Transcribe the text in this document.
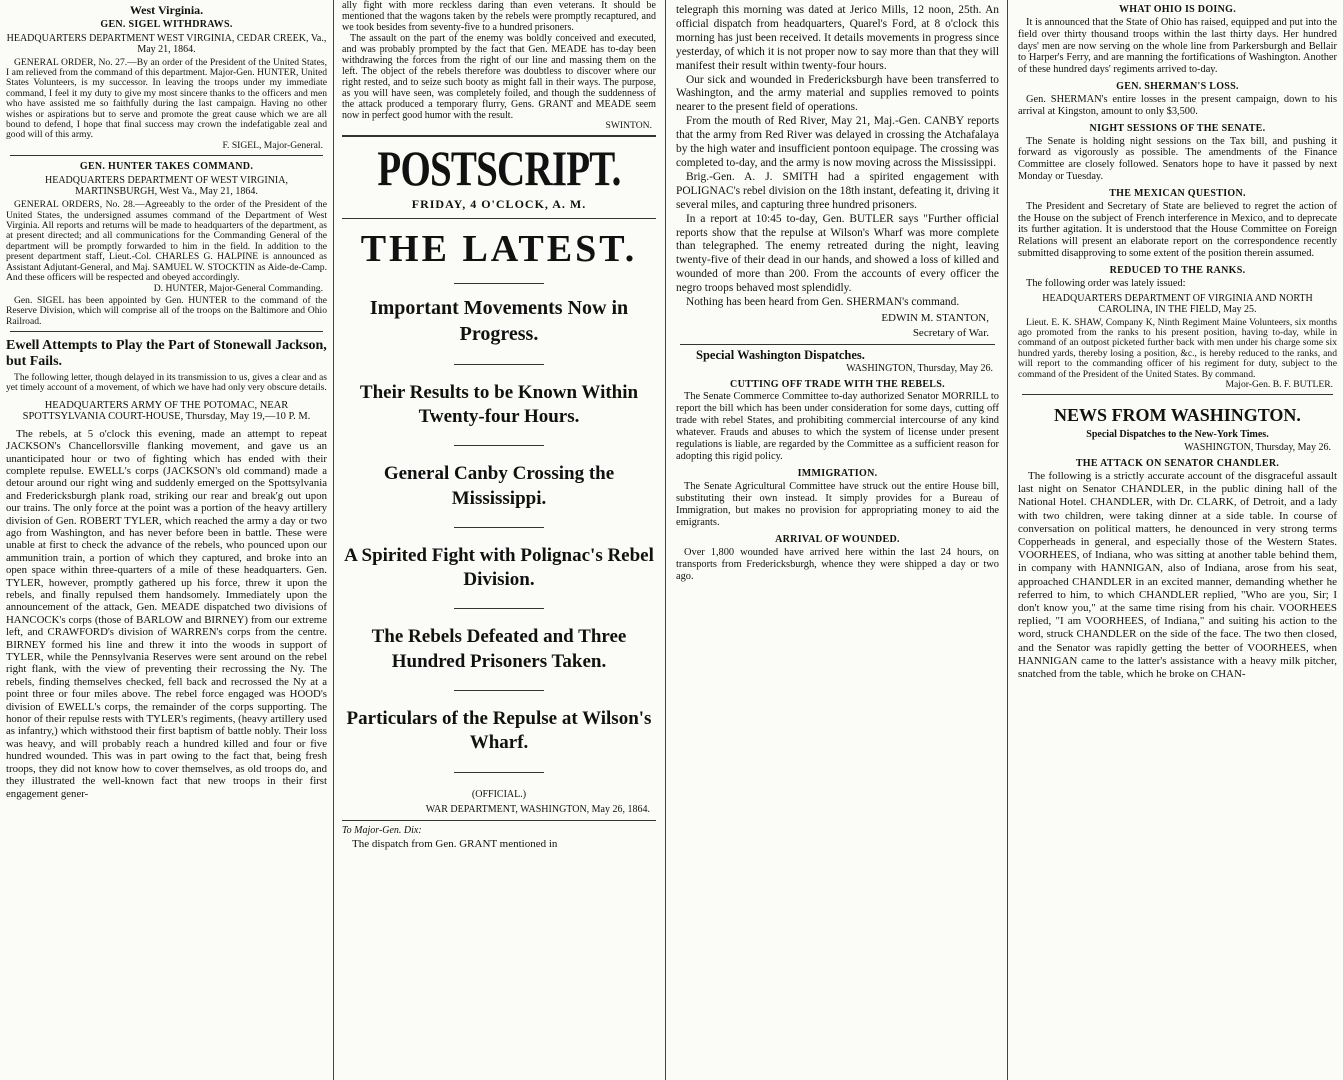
West Virginia.
GEN. SIGEL WITHDRAWS.
HEADQUARTERS DEPARTMENT WEST VIRGINIA, CEDAR CREEK, Va., May 21, 1864.

GENERAL ORDER, No. 27.—By an order of the President of the United States, I am relieved from the command of this department. Major-Gen. HUNTER, United States Volunteers, is my successor. In leaving the troops under my immediate command, I feel it my duty to give my most sincere thanks to the officers and men who have assisted me so faithfully during the last campaign. Having no other wishes or aspirations but to serve and promote the great cause which we are all bound to defend, I hope that final success may crown the indefatigable zeal and good will of this army.

F. SIGEL, Major-General.
GEN. HUNTER TAKES COMMAND.
HEADQUARTERS DEPARTMENT OF WEST VIRGINIA, MARTINSBURGH, West Va., May 21, 1864.

GENERAL ORDERS, No. 28.—Agreeably to the order of the President of the United States, the undersigned assumes command of the Department of West Virginia. All reports and returns will be made to headquarters of the department, as at present directed; and all communications for the Commanding General of the department will be promptly forwarded to him in the field. In addition to the present department staff, Lieut.-Col. CHARLES G. HALPINE is announced as Assistant Adjutant-General, and Maj. SAMUEL W. STOCKTIN as Aide-de-Camp. And these officers will be respected and obeyed accordingly.

D. HUNTER, Major-General Commanding.

Gen. SIGEL has been appointed by Gen. HUNTER to the command of the Reserve Division, which will comprise all of the troops on the Baltimore and Ohio Railroad.

Ewell Attempts to Play the Part of Stonewall Jackson, but Fails.

The following letter, though delayed in its transmission to us, gives a clear and as yet timely account of a movement, of which we have had only very obscure details.

HEADQUARTERS ARMY OF THE POTOMAC, NEAR SPOTTSYLVANIA COURT-HOUSE, Thursday, May 19,—10 P. M.

The rebels, at 5 o'clock this evening, made an attempt to repeat JACKSON's Chancellorsville flanking movement, and gave us an unanticipated hour or two of fighting which has ended with their complete repulse. EWELL's corps (JACKSON's old command) made a detour around our right wing and suddenly emerged on the Spottsylvania and Fredericksburgh plank road, striking our rear and break'g out upon our trains. The only force at the point was a portion of the heavy artillery division of Gen. ROBERT TYLER, which reached the army a day or two ago from Washington, and has never before been in battle. These were unable at first to check the advance of the rebels, who pounced upon our ammunition train, a portion of which they captured, and broke into an open space within three-quarters of a mile of these headquarters. Gen. TYLER, however, promptly gathered up his force, threw it upon the rebels, and finally repulsed them handsomely. Immediately upon the announcement of the attack, Gen. MEADE dispatched two divisions of HANCOCK's corps (those of BARLOW and BIRNEY) from our extreme left, and CRAWFORD's division of WARREN's corps from the centre. BIRNEY formed his line and threw it into the woods in support of TYLER, while the Pennsylvania Reserves were sent around on the rebel right flank, with the view of preventing their recrossing the Ny. The rebels, finding themselves checked, fell back and recrossed the Ny at a point three or four miles above. The rebel force engaged was HOOD's division of EWELL's corps, the remainder of the corps supporting. The honor of their repulse rests with TYLER's regiments, (heavy artillery used as infantry,) which withstood their first baptism of battle nobly. Their loss was heavy, and will probably reach a hundred killed and four or five hundred wounded. This was in part owing to the fact that, being fresh troops, they did not know how to cover themselves, as old troops do, and they illustrated the well-known fact that new troops in their first engagement gener-

ally fight with more reckless daring than even veterans. It should be mentioned that the wagons taken by the rebels were promptly recaptured, and we took besides from seventy-five to a hundred prisoners.

The assault on the part of the enemy was boldly conceived and executed, and was probably prompted by the fact that Gen. MEADE has to-day been withdrawing the forces from the right of our line and massing them on the left. The object of the rebels therefore was doubtless to discover where our right rested, and to seize such booty as might fall in their ways. The purpose, as you will have seen, was completely foiled, and though the suddenness of the attack produced a temporary flurry, Gens. GRANT and MEADE seem now in perfect good humor with the result.

SWINTON.
POSTSCRIPT.
FRIDAY, 4 O'CLOCK, A. M.
THE LATEST.
Important Movements Now in Progress.
Their Results to be Known Within Twenty-four Hours.
General Canby Crossing the Mississippi.
A Spirited Fight with Polignac's Rebel Division.
The Rebels Defeated and Three Hundred Prisoners Taken.
Particulars of the Repulse at Wilson's Wharf.
(OFFICIAL.)
WAR DEPARTMENT, WASHINGTON, May 26, 1864.
To Major-Gen. Dix:

The dispatch from Gen. GRANT mentioned in

telegraph this morning was dated at Jerico Mills, 12 noon, 25th. An official dispatch from headquarters, Quarel's Ford, at 8 o'clock this morning has just been received. It details movements in progress since yesterday, of which it is not proper now to say more than that they will manifest their result within twenty-four hours.

Our sick and wounded in Fredericksburgh have been transferred to Washington, and the army material and supplies removed to points nearer to the present field of operations.

From the mouth of Red River, May 21, Maj.-Gen. CANBY reports that the army from Red River was delayed in crossing the Atchafalaya by the high water and insufficient pontoon equipage. The crossing was completed to-day, and the army is now moving across the Mississippi.

Brig.-Gen. A. J. SMITH had a spirited engagement with POLIGNAC's rebel division on the 18th instant, defeating it, driving it several miles, and capturing three hundred prisoners.

In a report at 10:45 to-day, Gen. BUTLER says "Further official reports show that the repulse at Wilson's Wharf was more complete than telegraphed. The enemy retreated during the night, leaving twenty-five of their dead in our hands, and showed a loss of killed and wounded of more than 200. From the accounts of every officer the negro troops behaved most splendidly.

Nothing has been heard from Gen. SHERMAN's command.

EDWIN M. STANTON,
Secretary of War.
Special Washington Dispatches.
WASHINGTON, Thursday, May 26.
CUTTING OFF TRADE WITH THE REBELS.

The Senate Commerce Committee to-day authorized Senator MORRILL to report the bill which has been under consideration for some days, cutting off trade with rebel States, and prohibiting commercial intercourse of any kind whatever. Frauds and abuses to which the system of license under present regulations is liable, are regarded by the Committee as a sufficient reason for adopting this rigid policy.

IMMIGRATION.

The Senate Agricultural Committee have struck out the entire House bill, substituting their own instead. It simply provides for a Bureau of Immigration, but makes no provision for appropriating money to aid the emigrants.

ARRIVAL OF WOUNDED.

Over 1,800 wounded have arrived here within the last 24 hours, on transports from Fredericksburgh, whence they were shipped a day or two ago.

WHAT OHIO IS DOING.

It is announced that the State of Ohio has raised, equipped and put into the field over thirty thousand troops within the last thirty days. Her hundred days' men are now serving on the whole line from Parkersburgh and Bellair to Harper's Ferry, and are manning the fortifications of Washington. Another of these hundred days' regiments arrived to-day.

GEN. SHERMAN'S LOSS.

Gen. SHERMAN's entire losses in the present campaign, down to his arrival at Kingston, amount to only $3,500.

NIGHT SESSIONS OF THE SENATE.

The Senate is holding night sessions on the Tax bill, and pushing it forward as vigorously as possible. The amendments of the Finance Committee are closely followed. Senators hope to have it passed by next Monday or Tuesday.

THE MEXICAN QUESTION.

The President and Secretary of State are believed to regret the action of the House on the subject of French interference in Mexico, and to deprecate its further agitation. It is understood that the House Committee on Foreign Relations will present an elaborate report on the correspondence recently submitted disapproving to some extent of the position therein assumed.

REDUCED TO THE RANKS.

The following order was lately issued:

HEADQUARTERS DEPARTMENT OF VIRGINIA AND NORTH CAROLINA, IN THE FIELD, May 25.

Lieut. E. K. SHAW, Company K, Ninth Regiment Maine Volunteers, six months ago promoted from the ranks to his present position, having to-day, while in command of an outpost picketed further back with men under his charge some six hundred yards, thereby losing a position, &c., is hereby reduced to the ranks, and will report to the commanding officer of his regiment for duty, subject to the command of the President of the United States. By command.

Major-Gen. B. F. BUTLER.
NEWS FROM WASHINGTON.
Special Dispatches to the New-York Times.
WASHINGTON, Thursday, May 26.
THE ATTACK ON SENATOR CHANDLER.

The following is a strictly accurate account of the disgraceful assault last night on Senator CHANDLER, in the public dining hall of the National Hotel. CHANDLER, with Dr. CLARK, of Detroit, and a lady with two children, were taking dinner at a side table. In course of conversation on political matters, he denounced in very strong terms Copperheads in general, and especially those of the Western States. VOORHEES, of Indiana, who was sitting at another table behind them, in company with HANNIGAN, also of Indiana, arose from his seat, approached CHANDLER in an excited manner, demanding whether he referred to him, to which CHANDLER replied, "Who are you, Sir; I don't know you," at the same time rising from his chair. VOORHEES replied, "I am VOORHEES, of Indiana," and suiting his action to the word, struck CHANDLER on the side of the face. The two then closed, and the Senator was rapidly getting the better of VOORHEES, when HANNIGAN came to the latter's assistance with a heavy milk pitcher, snatched from the table, which he broke on CHAN-
